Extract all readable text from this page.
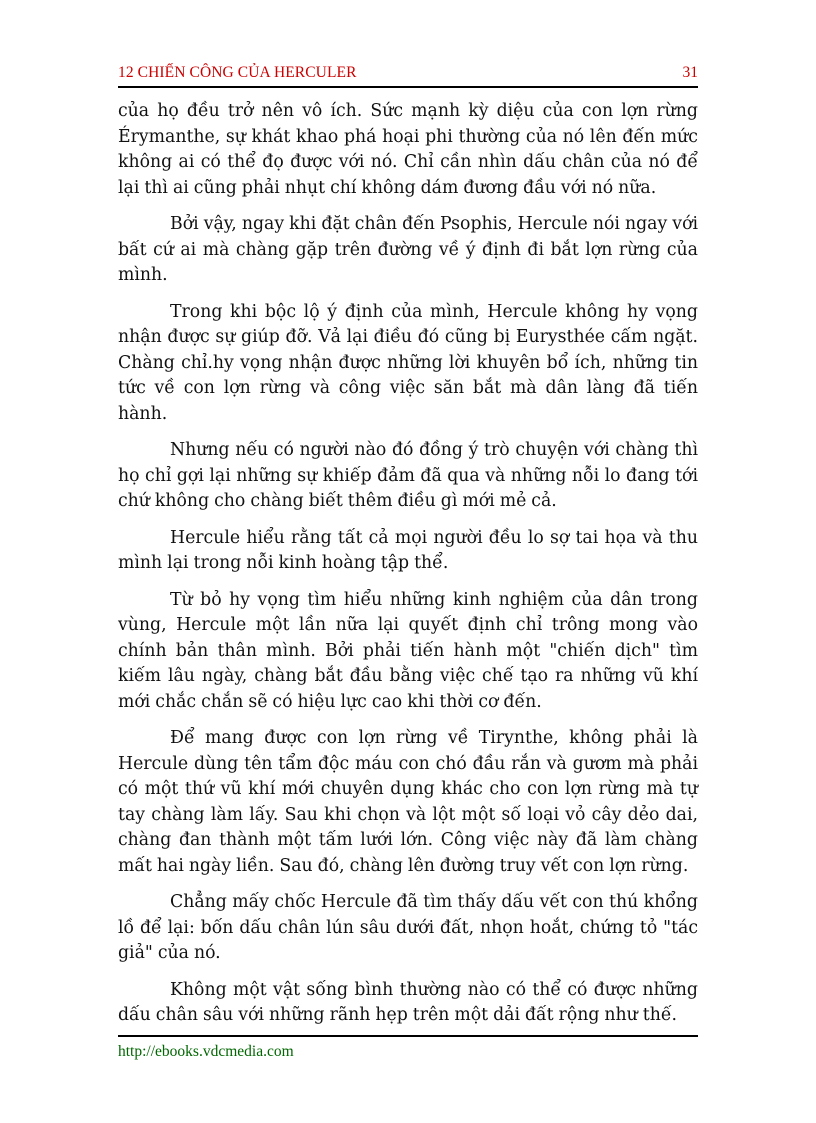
12 CHIẾN CÔNG CỦA HERCULER	31

của họ đều trở nên vô ích. Sức mạnh kỳ diệu của con lợn rừng Érymanthe, sự khát khao phá hoại phi thường của nó lên đến mức không ai có thể đọ được với nó. Chỉ cần nhìn dấu chân của nó để lại thì ai cũng phải nhụt chí không dám đương đầu với nó nữa.

Bởi vậy, ngay khi đặt chân đến Psophis, Hercule nói ngay với bất cứ ai mà chàng gặp trên đường về ý định đi bắt lợn rừng của mình.

Trong khi bộc lộ ý định của mình, Hercule không hy vọng nhận được sự giúp đỡ. Vả lại điều đó cũng bị Eurysthée cấm ngặt. Chàng chỉ.hy vọng nhận được những lời khuyên bổ ích, những tin tức về con lợn rừng và công việc săn bắt mà dân làng đã tiến hành.

Nhưng nếu có người nào đó đồng ý trò chuyện với chàng thì họ chỉ gợi lại những sự khiếp đảm đã qua và những nỗi lo đang tới chứ không cho chàng biết thêm điều gì mới mẻ cả.

Hercule hiểu rằng tất cả mọi người đều lo sợ tai họa và thu mình lại trong nỗi kinh hoàng tập thể.

Từ bỏ hy vọng tìm hiểu những kinh nghiệm của dân trong vùng, Hercule một lần nữa lại quyết định chỉ trông mong vào chính bản thân mình. Bởi phải tiến hành một "chiến dịch" tìm kiếm lâu ngày, chàng bắt đầu bằng việc chế tạo ra những vũ khí mới chắc chắn sẽ có hiệu lực cao khi thời cơ đến.

Để mang được con lợn rừng về Tirynthe, không phải là Hercule dùng tên tẩm độc máu con chó đầu rắn và gươm mà phải có một thứ vũ khí mới chuyên dụng khác cho con lợn rừng mà tự tay chàng làm lấy. Sau khi chọn và lột một số loại vỏ cây dẻo dai, chàng đan thành một tấm lưới lớn. Công việc này đã làm chàng mất hai ngày liền. Sau đó, chàng lên đường truy vết con lợn rừng.

Chẳng mấy chốc Hercule đã tìm thấy dấu vết con thú khổng lồ để lại: bốn dấu chân lún sâu dưới đất, nhọn hoắt, chứng tỏ "tác giả" của nó.

Không một vật sống bình thường nào có thể có được những dấu chân sâu với những rãnh hẹp trên một dải đất rộng như thế.

http://ebooks.vdcmedia.com
